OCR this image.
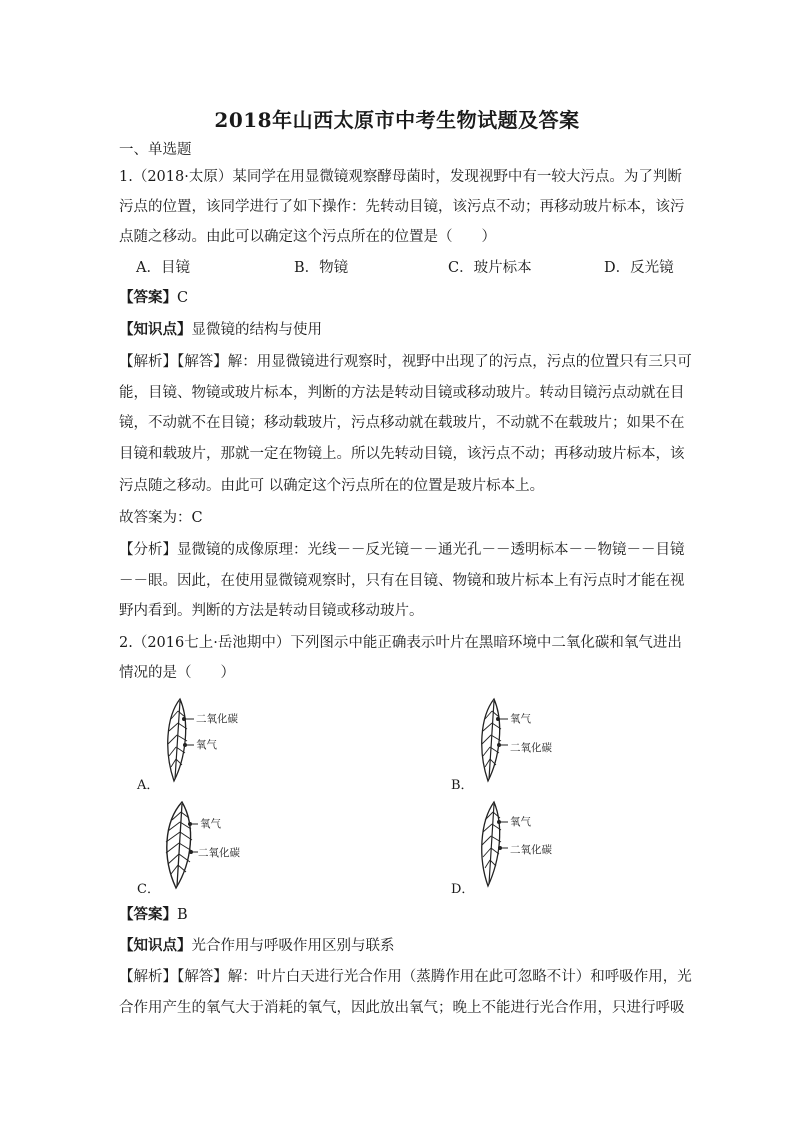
2018年山西太原市中考生物试题及答案
一、单选题
1.（2018·太原）某同学在用显微镜观察酵母菌时，发现视野中有一较大污点。为了判断
污点的位置，该同学进行了如下操作：先转动目镜，该污点不动；再移动玻片标本，该污
点随之移动。由此可以确定这个污点所在的位置是（　　）
A．目镜	B．物镜	C．玻片标本	D．反光镜
【答案】C
【知识点】显微镜的结构与使用
【解析】【解答】解：用显微镜进行观察时，视野中出现了的污点，污点的位置只有三只可
能，目镜、物镜或玻片标本，判断的方法是转动目镜或移动玻片。转动目镜污点动就在目
镜，不动就不在目镜；移动载玻片，污点移动就在载玻片，不动就不在载玻片；如果不在
目镜和载玻片，那就一定在物镜上。所以先转动目镜，该污点不动；再移动玻片标本，该
污点随之移动。由此可 以确定这个污点所在的位置是玻片标本上。
故答案为：C
【分析】显微镜的成像原理：光线－－反光镜－－通光孔－－透明标本－－物镜－－目镜
－－眼。因此，在使用显微镜观察时，只有在目镜、物镜和玻片标本上有污点时才能在视
野内看到。判断的方法是转动目镜或移动玻片。
2.（2016七上·岳池期中）下列图示中能正确表示叶片在黑暗环境中二氧化碳和氧气进出
情况的是（　　）
二氧化碳
氧气
A．
氧气
二氧化碳
B．
氧气
二氧化碳
C．
氧气
二氧化碳
D．
【答案】B
【知识点】光合作用与呼吸作用区别与联系
【解析】【解答】解：叶片白天进行光合作用（蒸腾作用在此可忽略不计）和呼吸作用，光
合作用产生的氧气大于消耗的氧气，因此放出氧气；晚上不能进行光合作用，只进行呼吸
